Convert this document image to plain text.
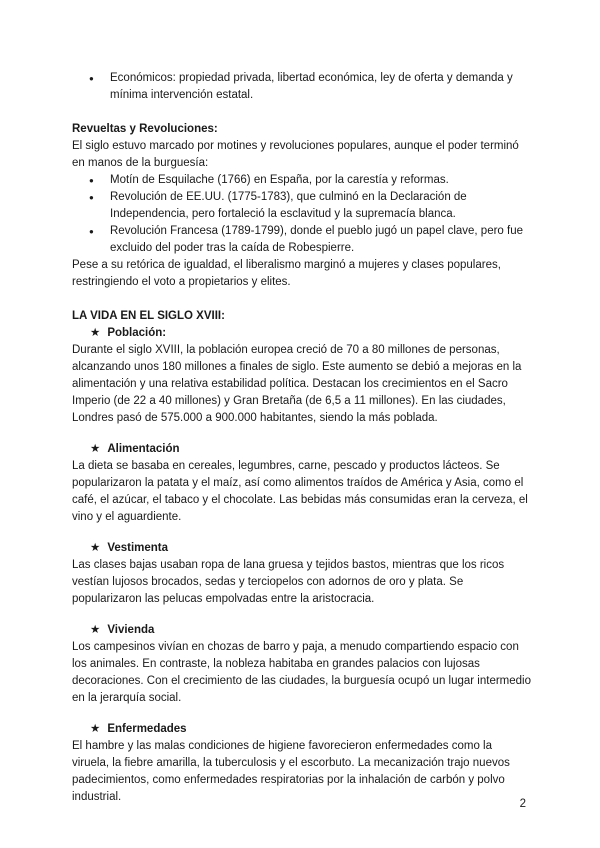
● Económicos: propiedad privada, libertad económica, ley de oferta y demanda y mínima intervención estatal.

Revueltas y Revoluciones:

El siglo estuvo marcado por motines y revoluciones populares, aunque el poder terminó en manos de la burguesía:

● Motín de Esquilache (1766) en España, por la carestía y reformas.
● Revolución de EE.UU. (1775-1783), que culminó en la Declaración de Independencia, pero fortaleció la esclavitud y la supremacía blanca.
● Revolución Francesa (1789-1799), donde el pueblo jugó un papel clave, pero fue excluido del poder tras la caída de Robespierre.

Pese a su retórica de igualdad, el liberalismo marginó a mujeres y clases populares, restringiendo el voto a propietarios y elites.

LA VIDA EN EL SIGLO XVIII:

★ Población:

Durante el siglo XVIII, la población europea creció de 70 a 80 millones de personas, alcanzando unos 180 millones a finales de siglo. Este aumento se debió a mejoras en la alimentación y una relativa estabilidad política. Destacan los crecimientos en el Sacro Imperio (de 22 a 40 millones) y Gran Bretaña (de 6,5 a 11 millones). En las ciudades, Londres pasó de 575.000 a 900.000 habitantes, siendo la más poblada.

★ Alimentación

La dieta se basaba en cereales, legumbres, carne, pescado y productos lácteos. Se popularizaron la patata y el maíz, así como alimentos traídos de América y Asia, como el café, el azúcar, el tabaco y el chocolate. Las bebidas más consumidas eran la cerveza, el vino y el aguardiente.

★ Vestimenta

Las clases bajas usaban ropa de lana gruesa y tejidos bastos, mientras que los ricos vestían lujosos brocados, sedas y terciopelos con adornos de oro y plata. Se popularizaron las pelucas empolvadas entre la aristocracia.

★ Vivienda

Los campesinos vivían en chozas de barro y paja, a menudo compartiendo espacio con los animales. En contraste, la nobleza habitaba en grandes palacios con lujosas decoraciones. Con el crecimiento de las ciudades, la burguesía ocupó un lugar intermedio en la jerarquía social.

★ Enfermedades

El hambre y las malas condiciones de higiene favorecieron enfermedades como la viruela, la fiebre amarilla, la tuberculosis y el escorbuto. La mecanización trajo nuevos padecimientos, como enfermedades respiratorias por la inhalación de carbón y polvo industrial.

2
